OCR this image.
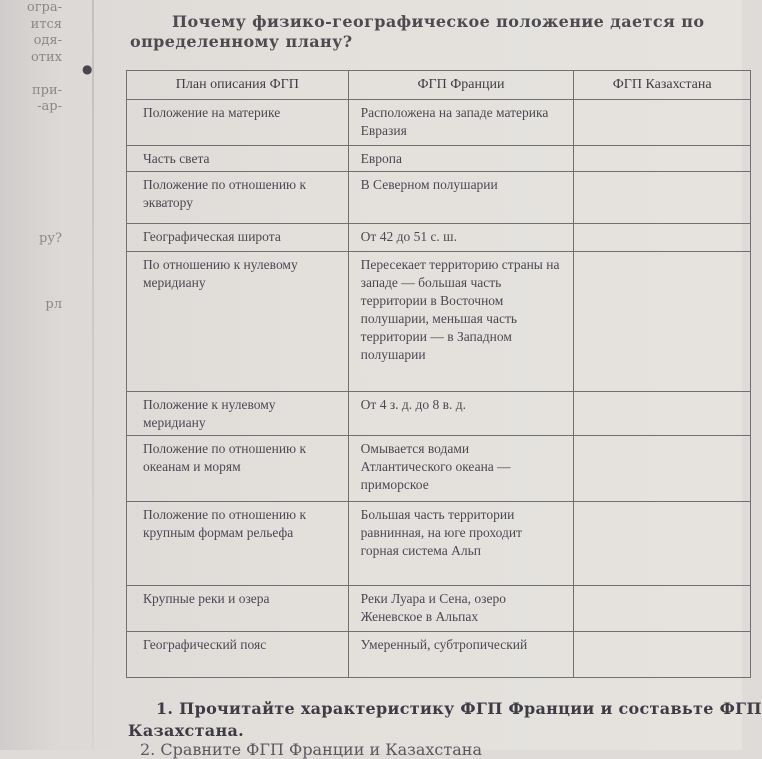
огра-
ится
одя-
отих

при-
-ар-

ру?

рл
●
Почему физико-географическое положение дается по определенному плану?
План описания ФГП	ФГП Франции	ФГП Казахстана
Положение на материке	Расположена на западе материка Евразия	
Часть света	Европа	
Положение по отношению к экватору	В Северном полушарии	
Географическая широта	От 42 до 51 с. ш.	
По отношению к нулевому меридиану	Пересекает территорию страны на западе — большая часть территории в Восточном полушарии, меньшая часть территории — в Западном полушарии	
Положение к нулевому меридиану	От 4 з. д. до 8 в. д.	
Положение по отношению к океанам и морям	Омывается водами Атлантического океана — приморское	
Положение по отношению к крупным формам рельефа	Большая часть территории равнинная, на юге проходит горная система Альп	
Крупные реки и озера	Реки Луара и Сена, озеро Женевское в Альпах	
Географический пояс	Умеренный, субтропический	
1. Прочитайте характеристику ФГП Франции и составьте ФГП
Казахстана.
2. Сравните ФГП Франции и Казахстана
